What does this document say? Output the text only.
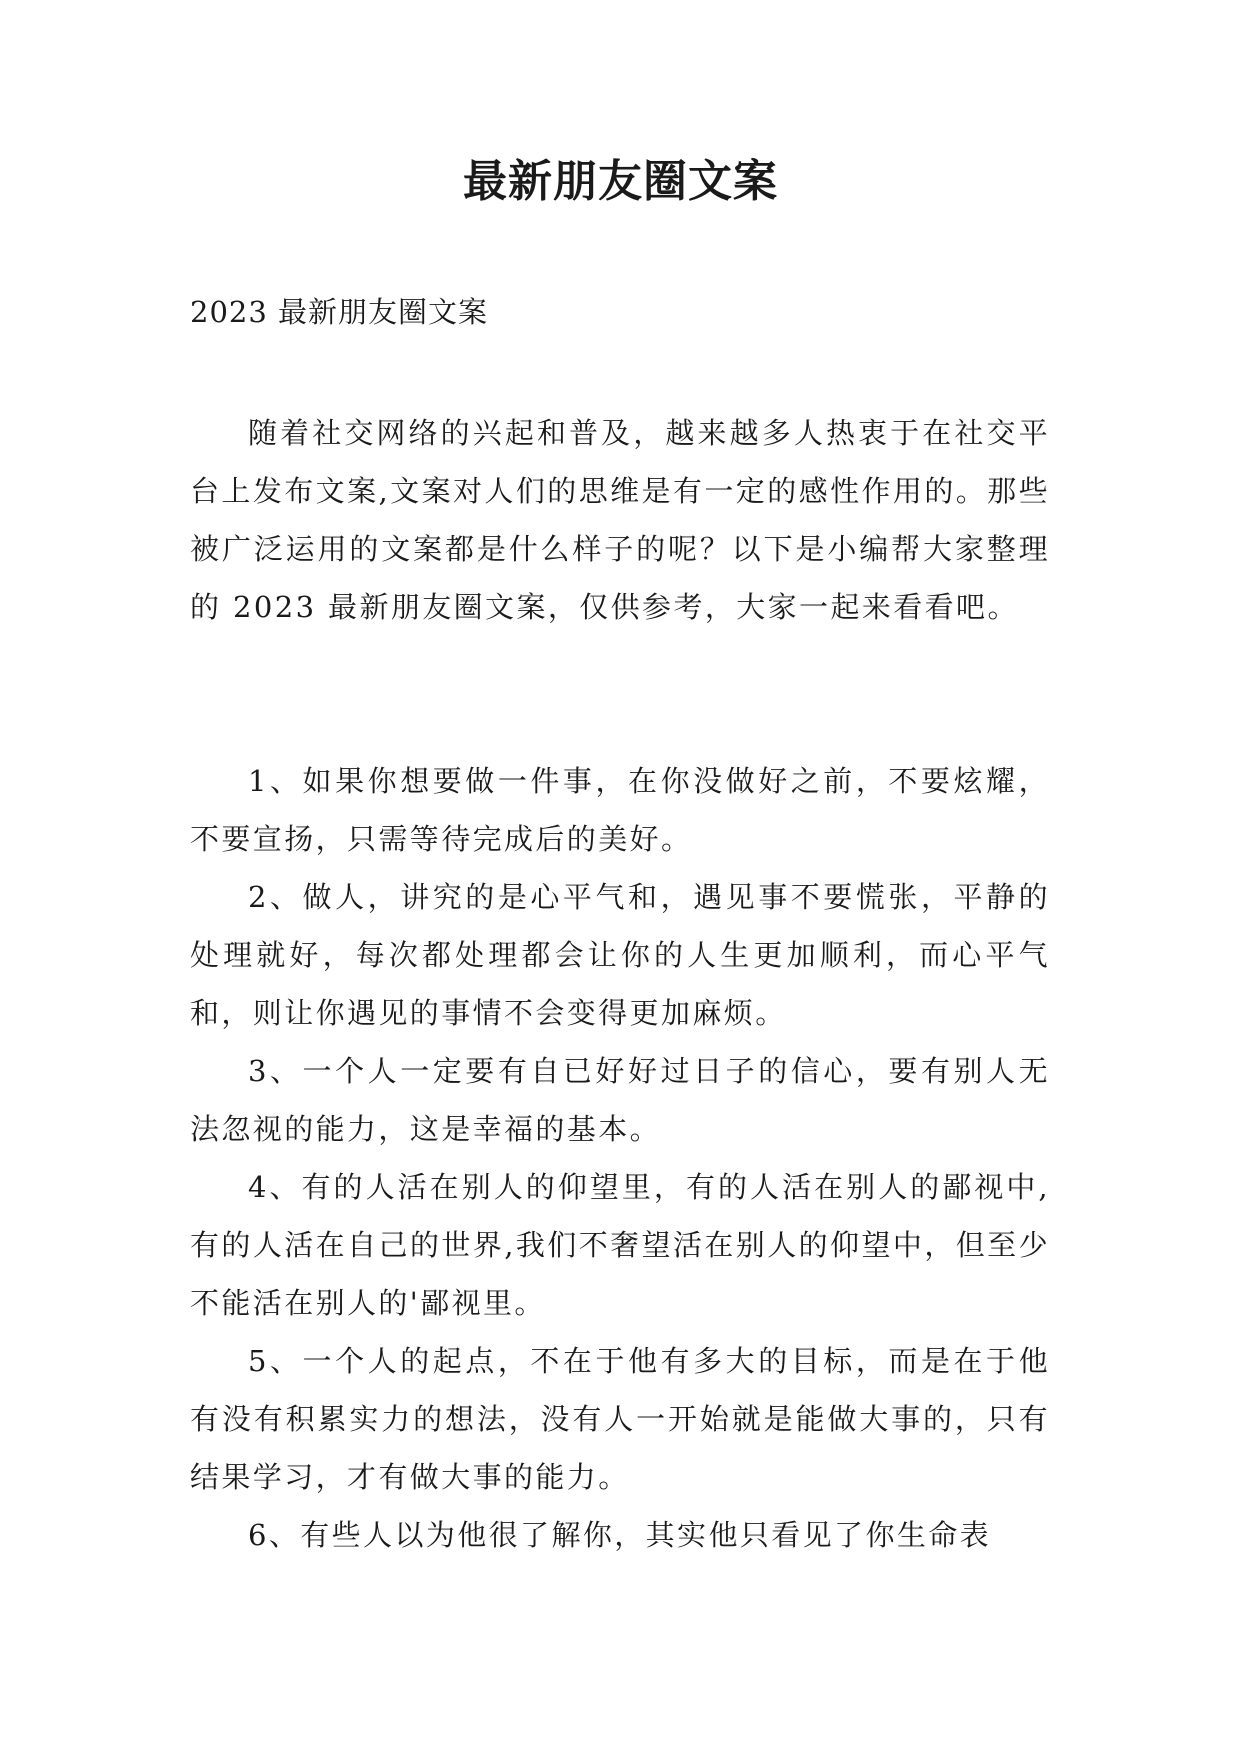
最新朋友圈文案
2023 最新朋友圈文案

随着社交网络的兴起和普及，越来越多人热衷于在社交平台上发布文案,文案对人们的思维是有一定的感性作用的。那些被广泛运用的文案都是什么样子的呢？以下是小编帮大家整理的 2023 最新朋友圈文案，仅供参考，大家一起来看看吧。

1、如果你想要做一件事，在你没做好之前，不要炫耀，不要宣扬，只需等待完成后的美好。

2、做人，讲究的是心平气和，遇见事不要慌张，平静的处理就好，每次都处理都会让你的人生更加顺利，而心平气和，则让你遇见的事情不会变得更加麻烦。

3、一个人一定要有自已好好过日子的信心，要有别人无法忽视的能力，这是幸福的基本。

4、有的人活在别人的仰望里，有的人活在别人的鄙视中,有的人活在自己的世界,我们不奢望活在别人的仰望中，但至少不能活在别人的'鄙视里。

5、一个人的起点，不在于他有多大的目标，而是在于他有没有积累实力的想法，没有人一开始就是能做大事的，只有结果学习，才有做大事的能力。

6、有些人以为他很了解你，其实他只看见了你生命表
